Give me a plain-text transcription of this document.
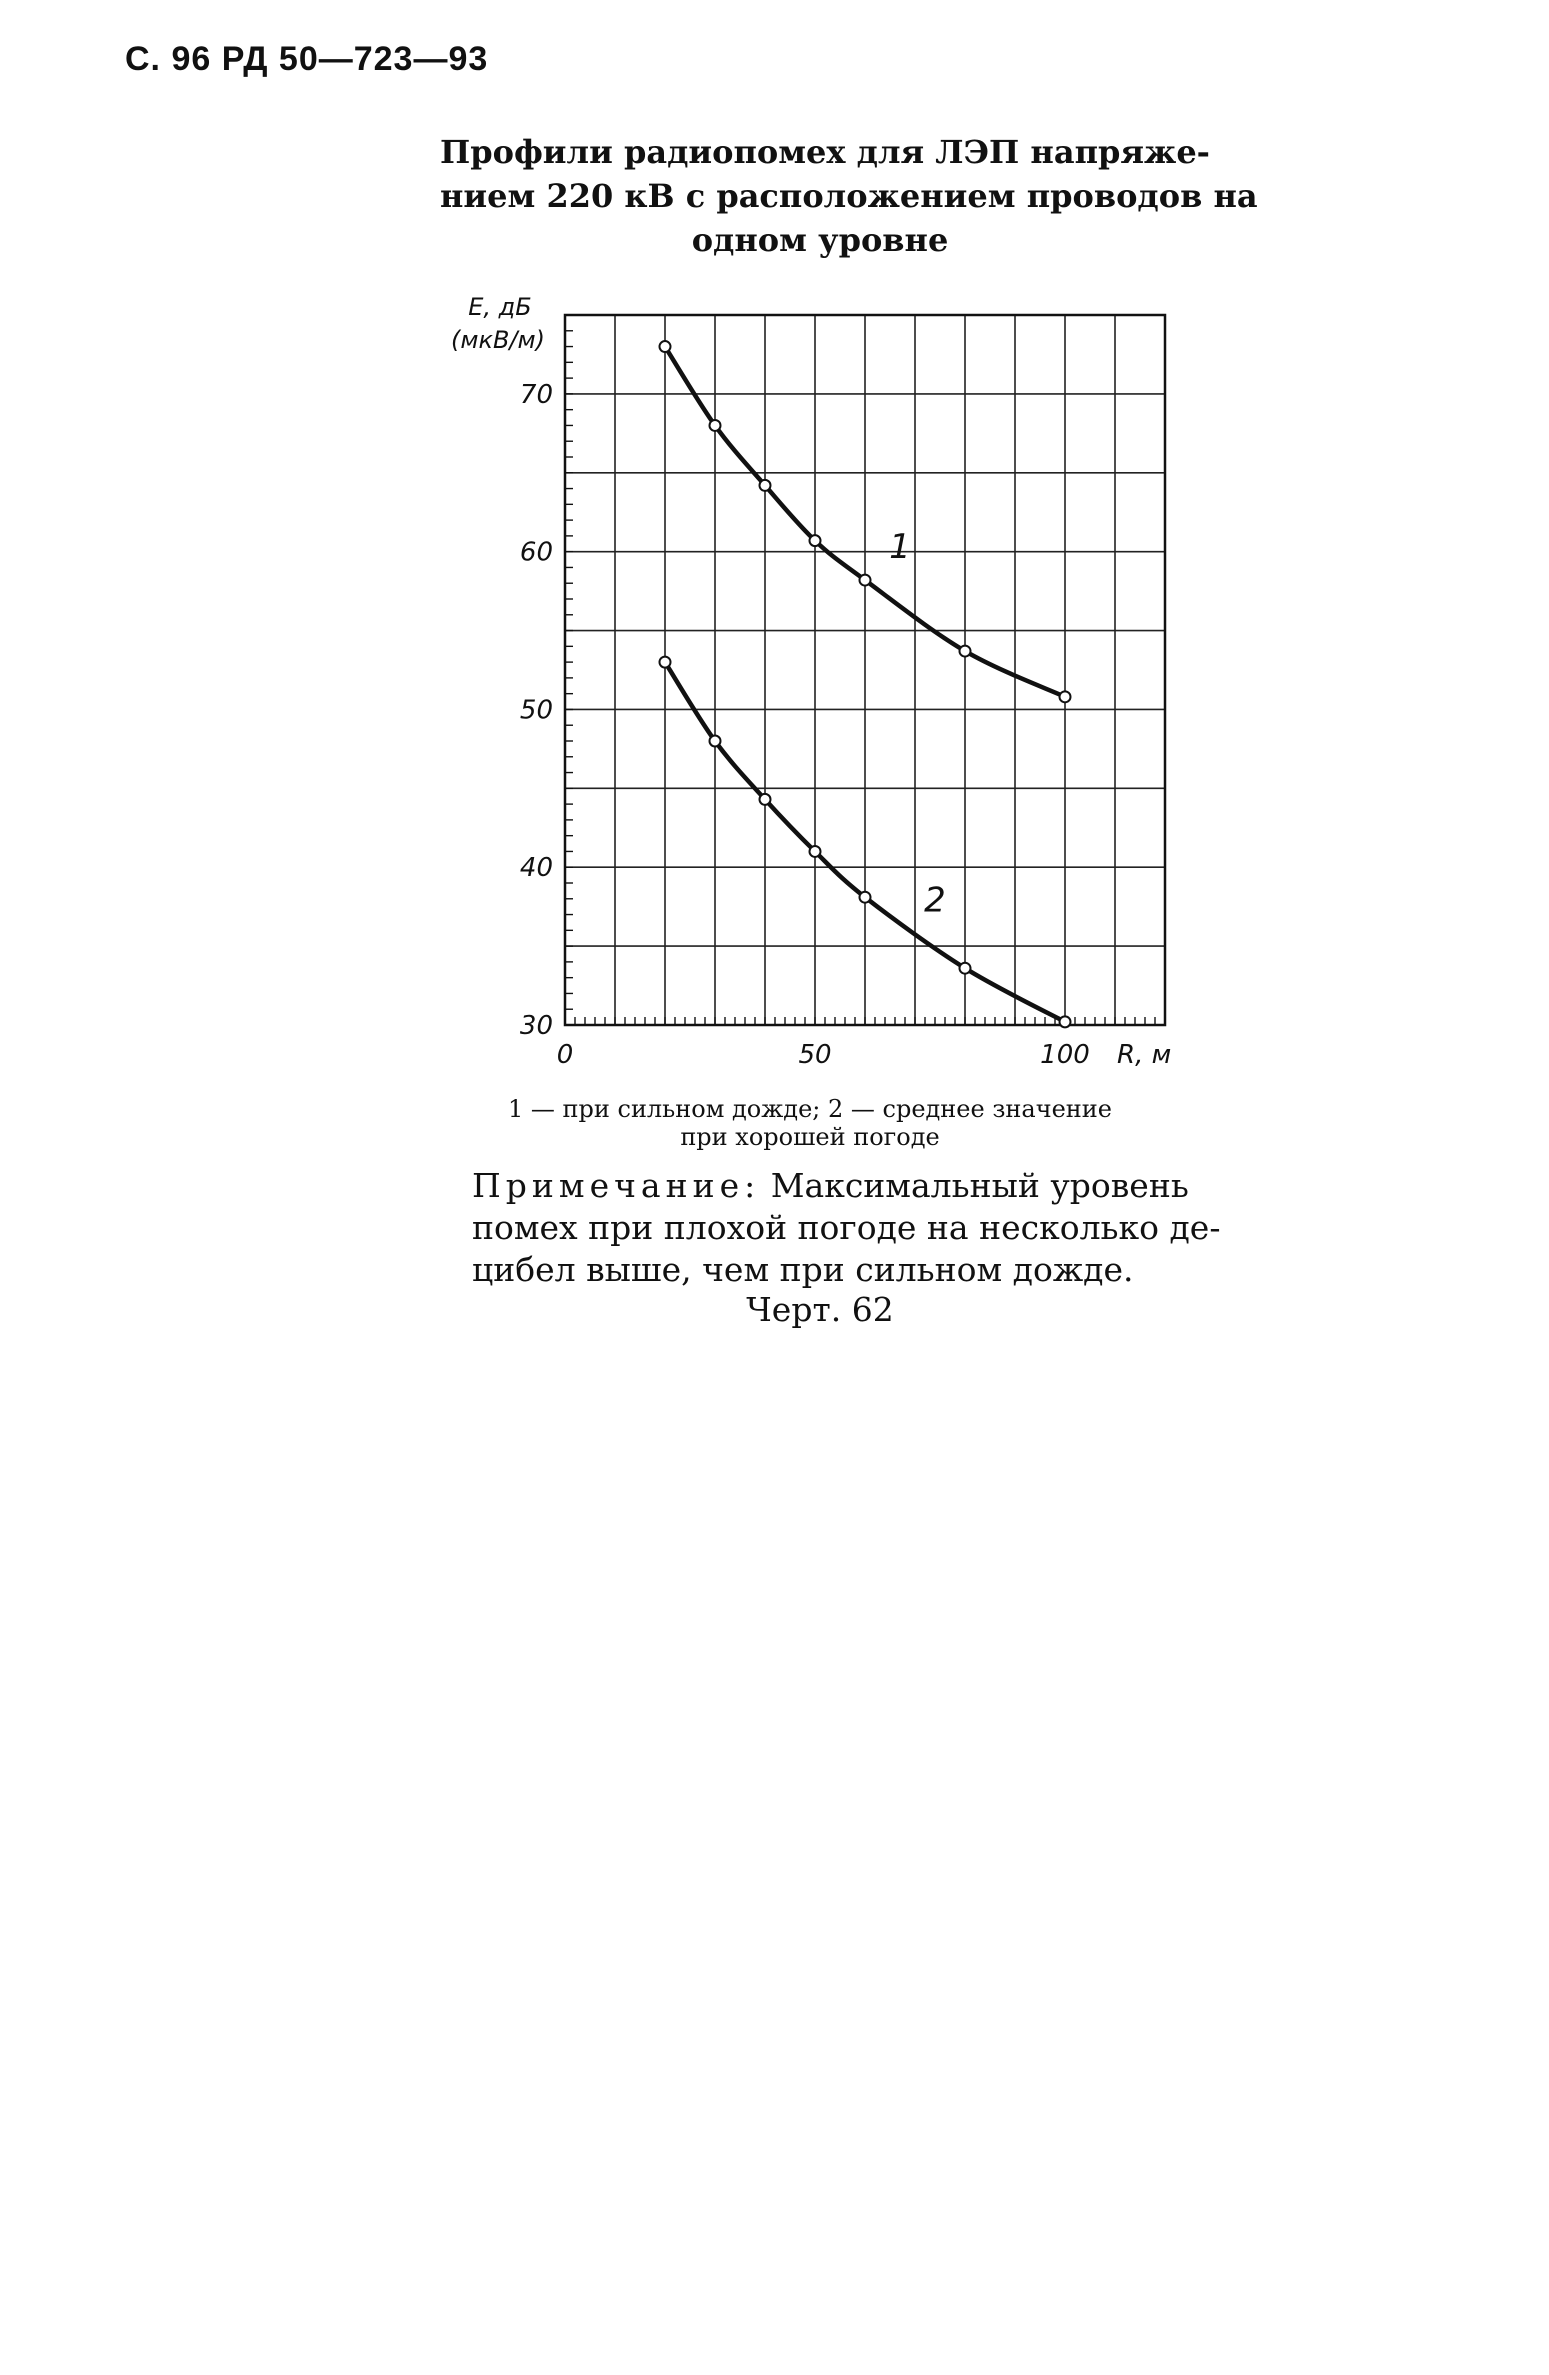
С. 96 РД 50—723—93
Профили радиопомех для ЛЭП напряже-
нием 220 кВ с расположением проводов на
одном уровне
1
2
30
40
50
60
70
0	50	100
E, дБ
(мкВ/м)
R, м
1 — при сильном дожде; 2 — среднее значение
при хорошей погоде
Примечание: Максимальный уровень
помех при плохой погоде на несколько де-
цибел выше, чем при сильном дожде.
Черт. 62
